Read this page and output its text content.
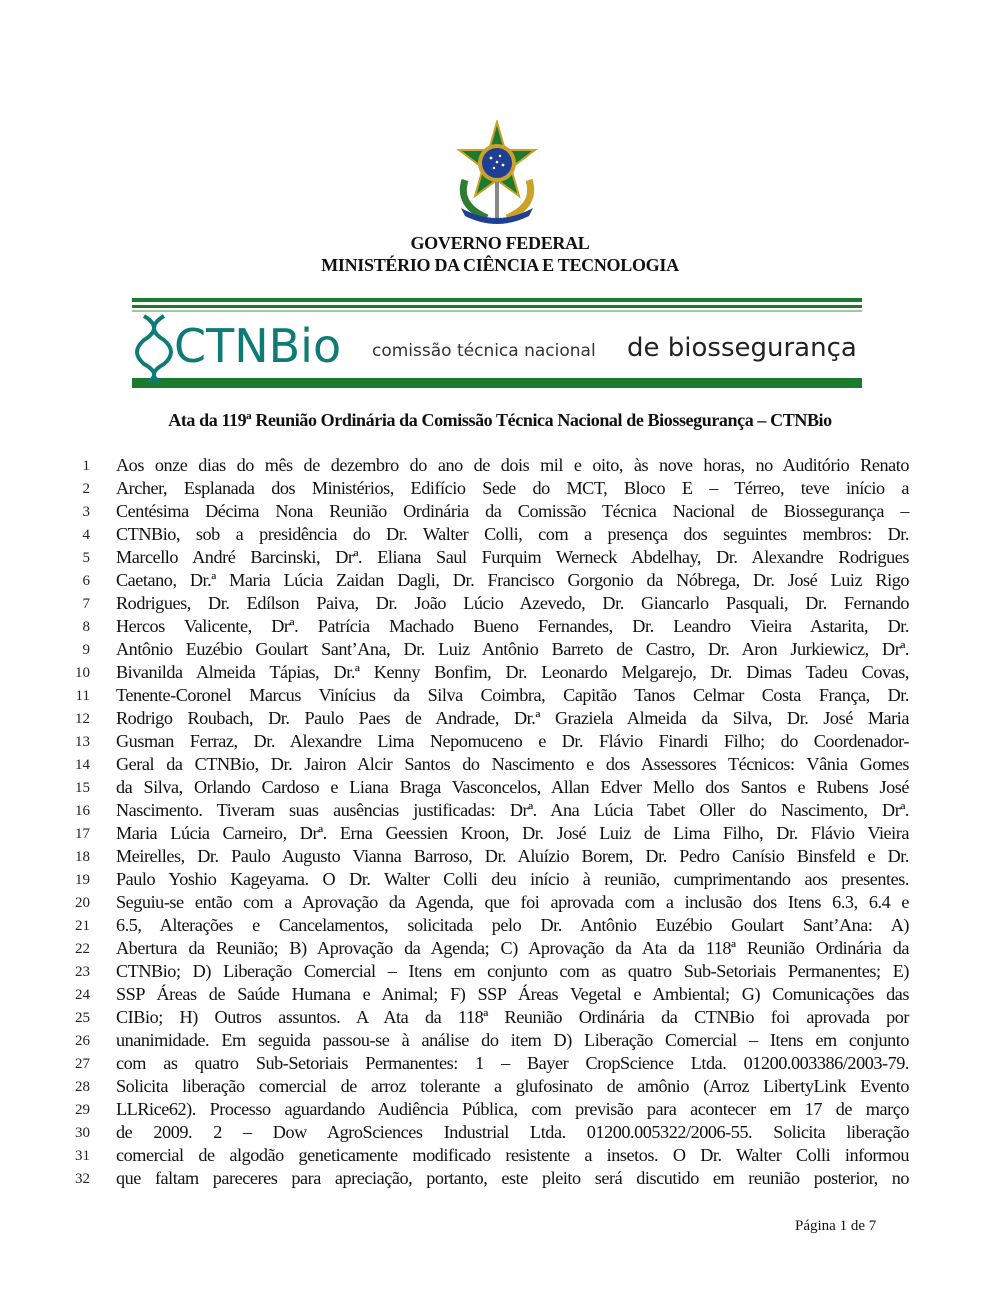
GOVERNO FEDERAL
MINISTÉRIO DA CIÊNCIA E TECNOLOGIA
CTNBio comissão técnica nacional de biossegurança
Ata da 119ª Reunião Ordinária da Comissão Técnica Nacional de Biossegurança – CTNBio
1 Aos onze dias do mês de dezembro do ano de dois mil e oito, às nove horas, no Auditório Renato
2 Archer, Esplanada dos Ministérios, Edifício Sede do MCT, Bloco E – Térreo, teve início a
3 Centésima Décima Nona Reunião Ordinária da Comissão Técnica Nacional de Biossegurança –
4 CTNBio, sob a presidência do Dr. Walter Colli, com a presença dos seguintes membros: Dr.
5 Marcello André Barcinski, Drª. Eliana Saul Furquim Werneck Abdelhay, Dr. Alexandre Rodrigues
6 Caetano, Dr.ª Maria Lúcia Zaidan Dagli, Dr. Francisco Gorgonio da Nóbrega, Dr. José Luiz Rigo
7 Rodrigues, Dr. Edílson Paiva, Dr. João Lúcio Azevedo, Dr. Giancarlo Pasquali, Dr. Fernando
8 Hercos Valicente, Drª. Patrícia Machado Bueno Fernandes, Dr. Leandro Vieira Astarita, Dr.
9 Antônio Euzébio Goulart Sant’Ana, Dr. Luiz Antônio Barreto de Castro, Dr. Aron Jurkiewicz, Drª.
10 Bivanilda Almeida Tápias, Dr.ª Kenny Bonfim, Dr. Leonardo Melgarejo, Dr. Dimas Tadeu Covas,
11 Tenente-Coronel Marcus Vinícius da Silva Coimbra, Capitão Tanos Celmar Costa França, Dr.
12 Rodrigo Roubach, Dr. Paulo Paes de Andrade, Dr.ª Graziela Almeida da Silva, Dr. José Maria
13 Gusman Ferraz, Dr. Alexandre Lima Nepomuceno e Dr. Flávio Finardi Filho; do Coordenador-
14 Geral da CTNBio, Dr. Jairon Alcir Santos do Nascimento e dos Assessores Técnicos: Vânia Gomes
15 da Silva, Orlando Cardoso e Liana Braga Vasconcelos, Allan Edver Mello dos Santos e Rubens José
16 Nascimento. Tiveram suas ausências justificadas: Drª. Ana Lúcia Tabet Oller do Nascimento, Drª.
17 Maria Lúcia Carneiro, Drª. Erna Geessien Kroon, Dr. José Luiz de Lima Filho, Dr. Flávio Vieira
18 Meirelles, Dr. Paulo Augusto Vianna Barroso, Dr. Aluízio Borem, Dr. Pedro Canísio Binsfeld e Dr.
19 Paulo Yoshio Kageyama. O Dr. Walter Colli deu início à reunião, cumprimentando aos presentes.
20 Seguiu-se então com a Aprovação da Agenda, que foi aprovada com a inclusão dos Itens 6.3, 6.4 e
21 6.5, Alterações e Cancelamentos, solicitada pelo Dr. Antônio Euzébio Goulart Sant’Ana: A)
22 Abertura da Reunião; B) Aprovação da Agenda; C) Aprovação da Ata da 118ª Reunião Ordinária da
23 CTNBio; D) Liberação Comercial – Itens em conjunto com as quatro Sub-Setoriais Permanentes; E)
24 SSP Áreas de Saúde Humana e Animal; F) SSP Áreas Vegetal e Ambiental; G) Comunicações das
25 CIBio; H) Outros assuntos. A Ata da 118ª Reunião Ordinária da CTNBio foi aprovada por
26 unanimidade. Em seguida passou-se à análise do item D) Liberação Comercial – Itens em conjunto
27 com as quatro Sub-Setoriais Permanentes: 1 – Bayer CropScience Ltda. 01200.003386/2003-79.
28 Solicita liberação comercial de arroz tolerante a glufosinato de amônio (Arroz LibertyLink Evento
29 LLRice62). Processo aguardando Audiência Pública, com previsão para acontecer em 17 de março
30 de 2009. 2 – Dow AgroSciences Industrial Ltda. 01200.005322/2006-55. Solicita liberação
31 comercial de algodão geneticamente modificado resistente a insetos. O Dr. Walter Colli informou
32 que faltam pareceres para apreciação, portanto, este pleito será discutido em reunião posterior, no
Página 1 de 7
